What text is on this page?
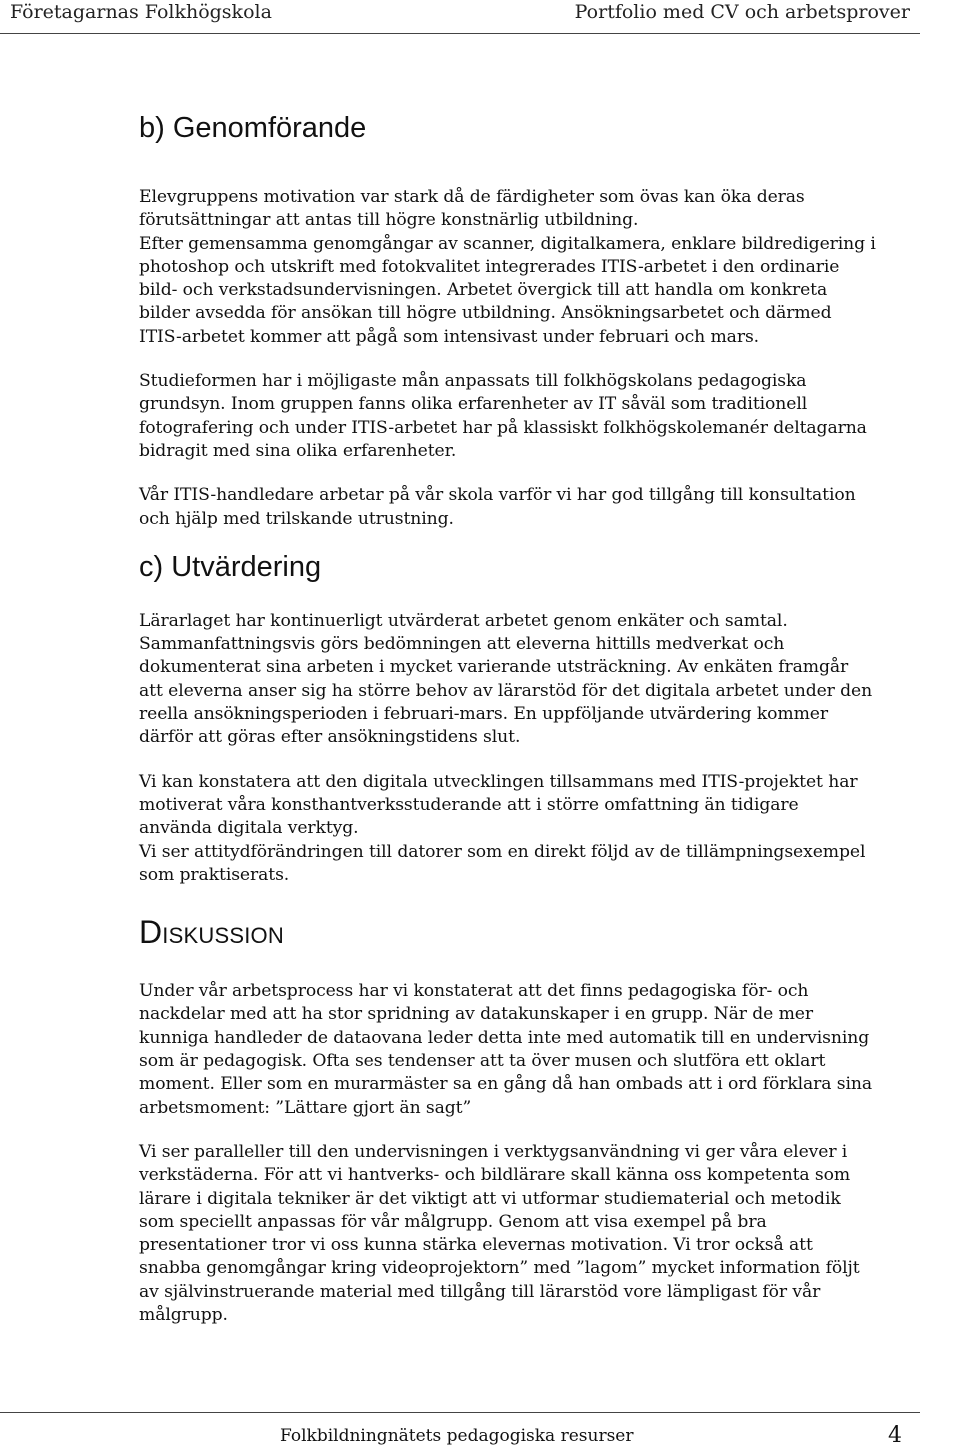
Företagarnas Folkhögskola	Portfolio med CV och arbetsprover
b) Genomförande

Elevgruppens motivation var stark då de färdigheter som övas kan öka deras
förutsättningar att antas till högre konstnärlig utbildning.
Efter gemensamma genomgångar av scanner, digitalkamera, enklare bildredigering i
photoshop och utskrift med fotokvalitet integrerades ITIS-arbetet i den ordinarie
bild- och verkstadsundervisningen. Arbetet övergick till att handla om konkreta
bilder avsedda för ansökan till högre utbildning. Ansökningsarbetet och därmed
ITIS-arbetet kommer att pågå som intensivast under februari och mars.

Studieformen har i möjligaste mån anpassats till folkhögskolans pedagogiska
grundsyn. Inom gruppen fanns olika erfarenheter av IT såväl som traditionell
fotografering och under ITIS-arbetet har på klassiskt folkhögskolemanér deltagarna
bidragit med sina olika erfarenheter.

Vår ITIS-handledare arbetar på vår skola varför vi har god tillgång till konsultation
och hjälp med trilskande utrustning.

c) Utvärdering

Lärarlaget har kontinuerligt utvärderat arbetet genom enkäter och samtal.
Sammanfattningsvis görs bedömningen att eleverna hittills medverkat och
dokumenterat sina arbeten i mycket varierande utsträckning. Av enkäten framgår
att eleverna anser sig ha större behov av lärarstöd för det digitala arbetet under den
reella ansökningsperioden i februari-mars. En uppföljande utvärdering kommer
därför att göras efter ansökningstidens slut.

Vi kan konstatera att den digitala utvecklingen tillsammans med ITIS-projektet har
motiverat våra konsthantverksstuderande att i större omfattning än tidigare
använda digitala verktyg.
Vi ser attitydförändringen till datorer som en direkt följd av de tillämpningsexempel
som praktiserats.

Diskussion

Under vår arbetsprocess har vi konstaterat att det finns pedagogiska för- och
nackdelar med att ha stor spridning av datakunskaper i en grupp. När de mer
kunniga handleder de dataovana leder detta inte med automatik till en undervisning
som är pedagogisk. Ofta ses tendenser att ta över musen och slutföra ett oklart
moment. Eller som en murarmäster sa en gång då han ombads att i ord förklara sina
arbetsmoment: ”Lättare gjort än sagt”

Vi ser paralleller till den undervisningen i verktygsanvändning vi ger våra elever i
verkstäderna. För att vi hantverks- och bildlärare skall känna oss kompetenta som
lärare i digitala tekniker är det viktigt att vi utformar studiematerial och metodik
som speciellt anpassas för vår målgrupp. Genom att visa exempel på bra
presentationer tror vi oss kunna stärka elevernas motivation. Vi tror också att
snabba genomgångar kring videoprojektorn” med ”lagom” mycket information följt
av självinstruerande material med tillgång till lärarstöd vore lämpligast för vår
målgrupp.

Folkbildningnätets pedagogiska resurser	4
